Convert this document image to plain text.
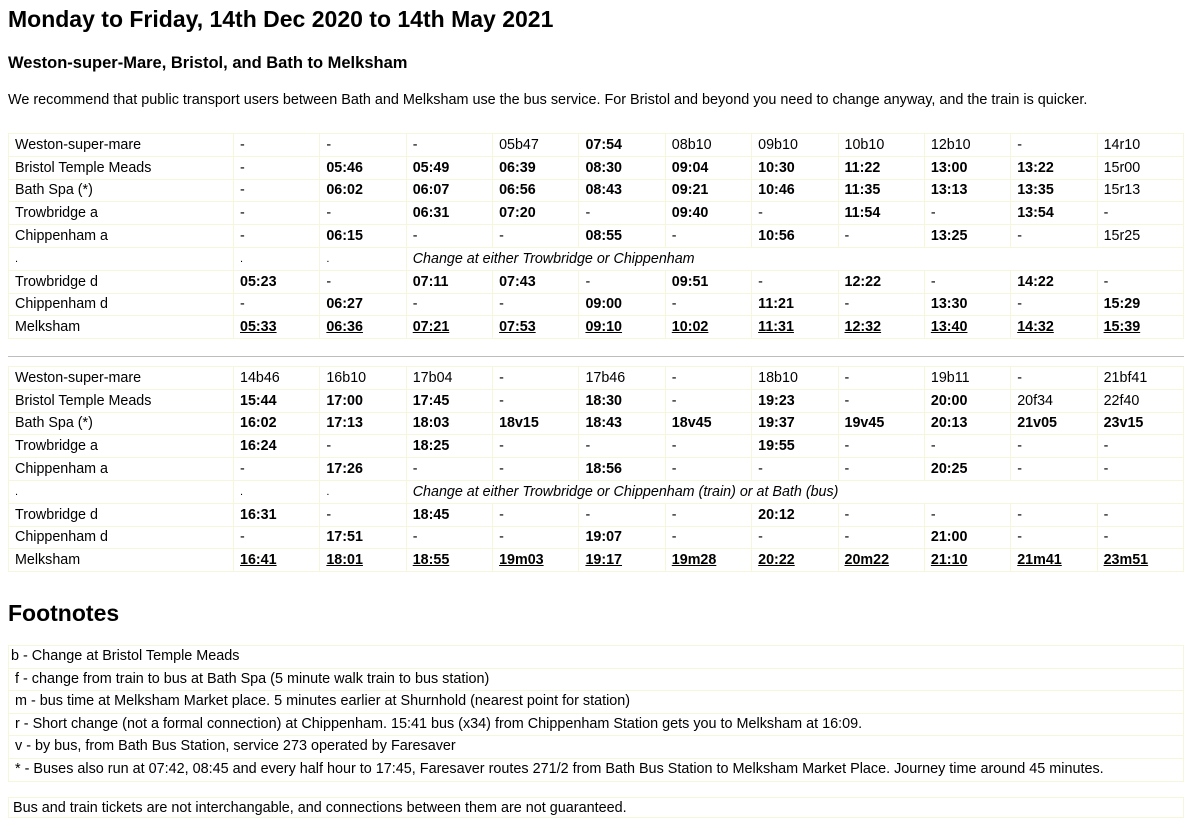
Monday to Friday, 14th Dec 2020 to 14th May 2021
Weston-super-Mare, Bristol, and Bath to Melksham

We recommend that public transport users between Bath and Melksham use the bus service. For Bristol and beyond you need to change anyway, and the train is quicker.

Weston-super-mare	-	-	-	05b47	07:54	08b10	09b10	10b10	12b10	-	14r10
Bristol Temple Meads	-	05:46	05:49	06:39	08:30	09:04	10:30	11:22	13:00	13:22	15r00
Bath Spa (*)	-	06:02	06:07	06:56	08:43	09:21	10:46	11:35	13:13	13:35	15r13
Trowbridge a	-	-	06:31	07:20	-	09:40	-	11:54	-	13:54	-
Chippenham a	-	06:15	-	-	08:55	-	10:56	-	13:25	-	15r25
.	.	.	Change at either Trowbridge or Chippenham								
Trowbridge d	05:23	-	07:11	07:43	-	09:51	-	12:22	-	14:22	-
Chippenham d	-	06:27	-	-	09:00	-	11:21	-	13:30	-	15:29
Melksham	05:33	06:36	07:21	07:53	09:10	10:02	11:31	12:32	13:40	14:32	15:39
Weston-super-mare	14b46	16b10	17b04	-	17b46	-	18b10	-	19b11	-	21bf41
Bristol Temple Meads	15:44	17:00	17:45	-	18:30	-	19:23	-	20:00	20f34	22f40
Bath Spa (*)	16:02	17:13	18:03	18v15	18:43	18v45	19:37	19v45	20:13	21v05	23v15
Trowbridge a	16:24	-	18:25	-	-	-	19:55	-	-	-	-
Chippenham a	-	17:26	-	-	18:56	-	-	-	20:25	-	-
.	.	.	Change at either Trowbridge or Chippenham (train) or at Bath (bus)								
Trowbridge d	16:31	-	18:45	-	-	-	20:12	-	-	-	-
Chippenham d	-	17:51	-	-	19:07	-	-	-	21:00	-	-
Melksham	16:41	18:01	18:55	19m03	19:17	19m28	20:22	20m22	21:10	21m41	23m51
Footnotes
b - Change at Bristol Temple Meads
f - change from train to bus at Bath Spa (5 minute walk train to bus station)
m - bus time at Melksham Market place. 5 minutes earlier at Shurnhold (nearest point for station)
r - Short change (not a formal connection) at Chippenham. 15:41 bus (x34) from Chippenham Station gets you to Melksham at 16:09.
v - by bus, from Bath Bus Station, service 273 operated by Faresaver
* - Buses also run at 07:42, 08:45 and every half hour to 17:45, Faresaver routes 271/2 from Bath Bus Station to Melksham Market Place. Journey time around 45 minutes.

Bus and train tickets are not interchangable, and connections between them are not guaranteed.
